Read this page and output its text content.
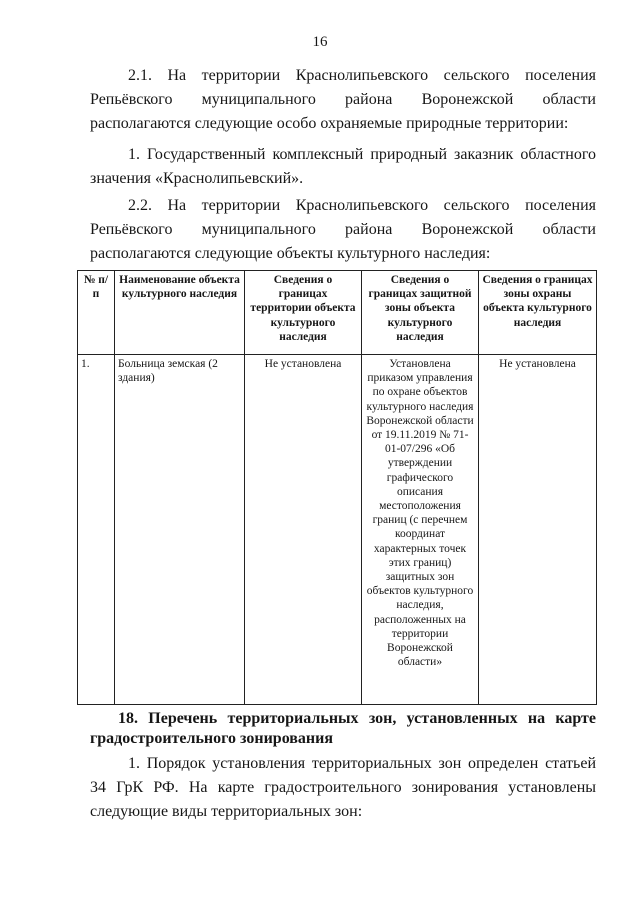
16

2.1. На территории Краснолипьевского сельского поселения Репьёвского муниципального района Воронежской области располагаются следующие особо охраняемые природные территории:

1. Государственный комплексный природный заказник областного значения «Краснолипьевский».

2.2. На территории Краснолипьевского сельского поселения Репьёвского муниципального района Воронежской области располагаются следующие объекты культурного наследия:

№ п/п	Наименование объекта культурного наследия	Сведения о границах территории объекта культурного наследия	Сведения о границах защитной зоны объекта культурного наследия	Сведения о границах зоны охраны объекта культурного наследия
1.	Больница земская (2 здания)	Не установлена	Установлена приказом управления по охране объектов культурного наследия Воронежской области от 19.11.2019 № 71-01-07/296 «Об утверждении графического описания местоположения границ (с перечнем координат характерных точек этих границ) защитных зон объектов культурного наследия, расположенных на территории Воронежской области»	Не установлена
18. Перечень территориальных зон, установленных на карте
градостроительного зонирования

1. Порядок установления территориальных зон определен статьей 34 ГрК РФ. На карте градостроительного зонирования установлены следующие виды территориальных зон:
